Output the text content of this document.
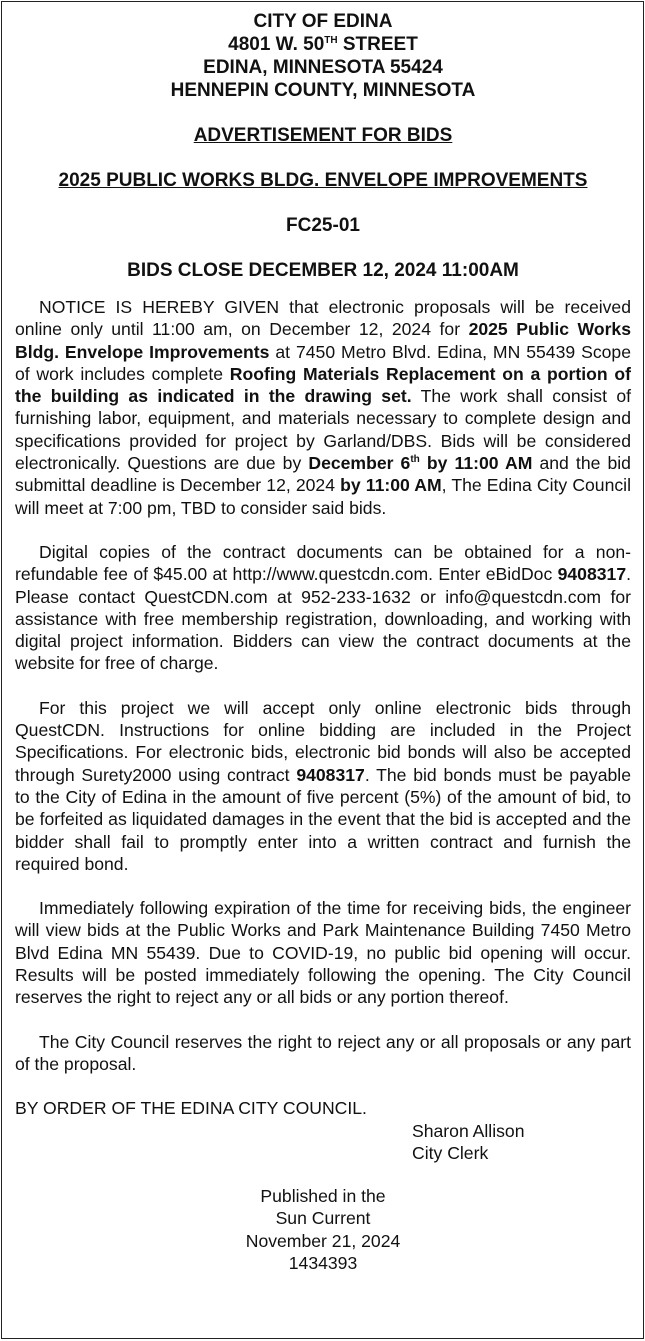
CITY OF EDINA

4801 W. 50TH STREET

EDINA, MINNESOTA 55424

HENNEPIN COUNTY, MINNESOTA

ADVERTISEMENT FOR BIDS

2025 PUBLIC WORKS BLDG. ENVELOPE IMPROVEMENTS

FC25-01

BIDS CLOSE DECEMBER 12, 2024 11:00AM

NOTICE IS HEREBY GIVEN that electronic proposals will be received online only until 11:00 am, on December 12, 2024 for 2025 Public Works Bldg. Envelope Improvements at 7450 Metro Blvd. Edina, MN 55439 Scope of work includes complete Roofing Materials Replacement on a portion of the building as indicated in the drawing set. The work shall consist of furnishing labor, equipment, and materials necessary to complete design and specifications provided for project by Garland/DBS. Bids will be considered electronically. Questions are due by December 6th by 11:00 AM and the bid submittal deadline is December 12, 2024 by 11:00 AM, The Edina City Council will meet at 7:00 pm, TBD to consider said bids.

Digital copies of the contract documents can be obtained for a non-refundable fee of $45.00 at http://www.questcdn.com. Enter eBidDoc 9408317. Please contact QuestCDN.com at 952-233-1632 or info@questcdn.com for assistance with free membership registration, downloading, and working with digital project information. Bidders can view the contract documents at the website for free of charge.

For this project we will accept only online electronic bids through QuestCDN. Instructions for online bidding are included in the Project Specifications. For electronic bids, electronic bid bonds will also be accepted through Surety2000 using contract 9408317. The bid bonds must be payable to the City of Edina in the amount of five percent (5%) of the amount of bid, to be forfeited as liquidated damages in the event that the bid is accepted and the bidder shall fail to promptly enter into a written contract and furnish the required bond.

Immediately following expiration of the time for receiving bids, the engineer will view bids at the Public Works and Park Maintenance Building 7450 Metro Blvd Edina MN 55439. Due to COVID-19, no public bid opening will occur. Results will be posted immediately following the opening. The City Council reserves the right to reject any or all bids or any portion thereof.

The City Council reserves the right to reject any or all proposals or any part of the proposal.

BY ORDER OF THE EDINA CITY COUNCIL.

Sharon Allison
City Clerk
Published in the
Sun Current
November 21, 2024
1434393
